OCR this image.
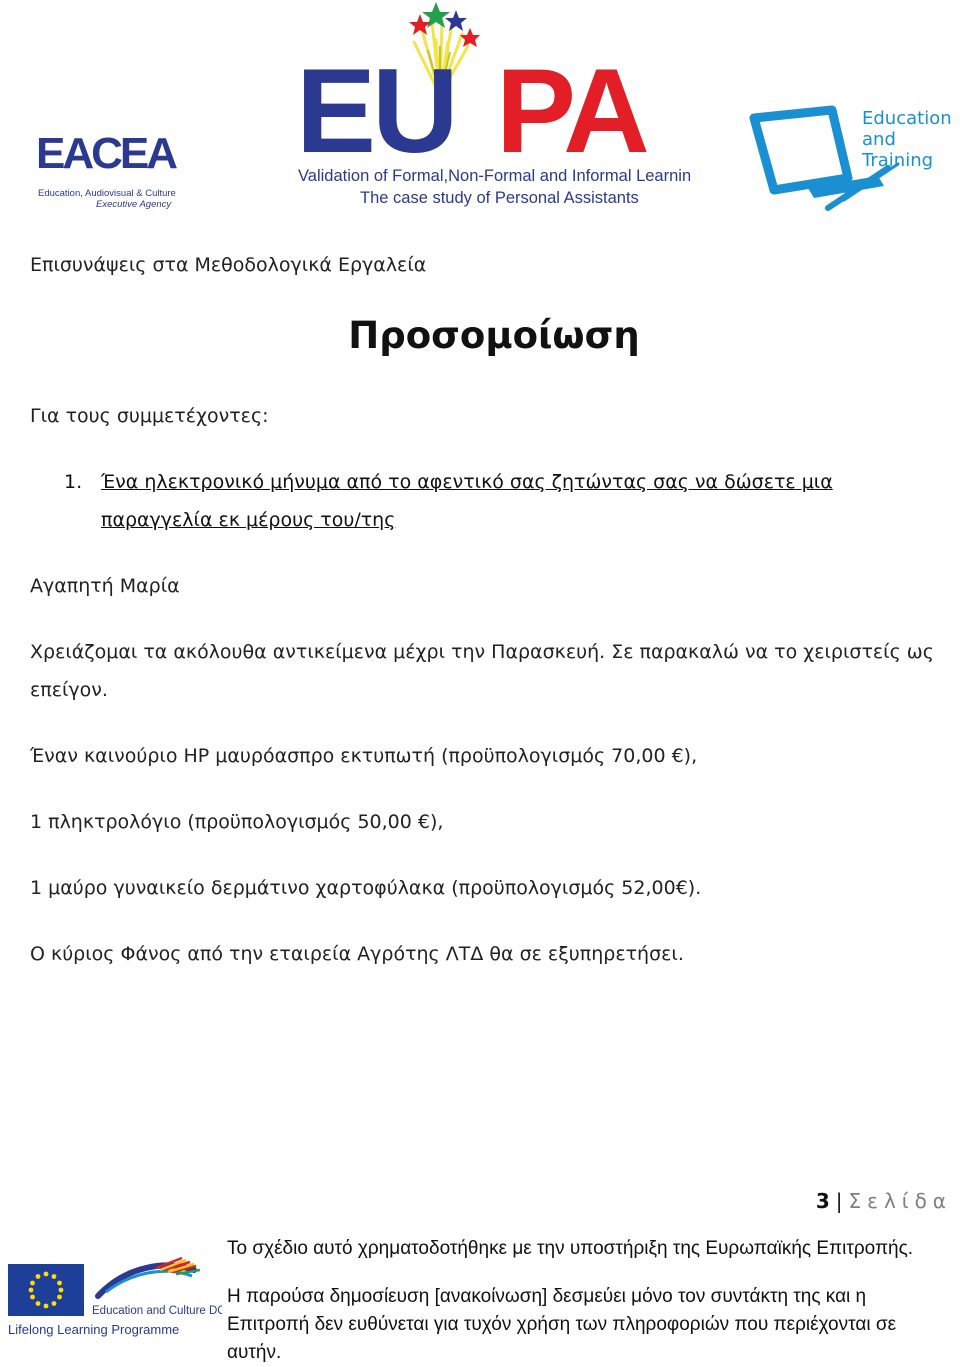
EACEA
Education, Audiovisual & Culture
Executive Agency
EU PA
Validation of Formal,Non-Formal and Informal Learning:
The case study of Personal Assistants
Education
and
Training
Επισυνάψεις στα Μεθοδολογικά Εργαλεία
Προσομοίωση
Για τους συμμετέχοντες:
1. Ένα ηλεκτρονικό μήνυμα από το αφεντικό σας ζητώντας σας να δώσετε μια παραγγελία εκ μέρους του/της
Αγαπητή Μαρία
Χρειάζομαι τα ακόλουθα αντικείμενα μέχρι την Παρασκευή. Σε παρακαλώ να το χειριστείς ως επείγον.
Έναν καινούριο HP μαυρόασπρο εκτυπωτή (προϋπολογισμός 70,00 €),
1 πληκτρολόγιο (προϋπολογισμός 50,00 €),
1 μαύρο γυναικείο δερμάτινο χαρτοφύλακα (προϋπολογισμός 52,00€).
Ο κύριος Φάνος από την εταιρεία Αγρότης ΛΤΔ θα σε εξυπηρετήσει.
3 | Σελίδα
Το σχέδιο αυτό χρηματοδοτήθηκε με την υποστήριξη της Ευρωπαϊκής Επιτροπής.
Η παρούσα δημοσίευση [ανακοίνωση] δεσμεύει μόνο τον συντάκτη της και η Επιτροπή δεν ευθύνεται για τυχόν χρήση των πληροφοριών που περιέχονται σε αυτήν.
Education and Culture DG
Lifelong Learning Programme
